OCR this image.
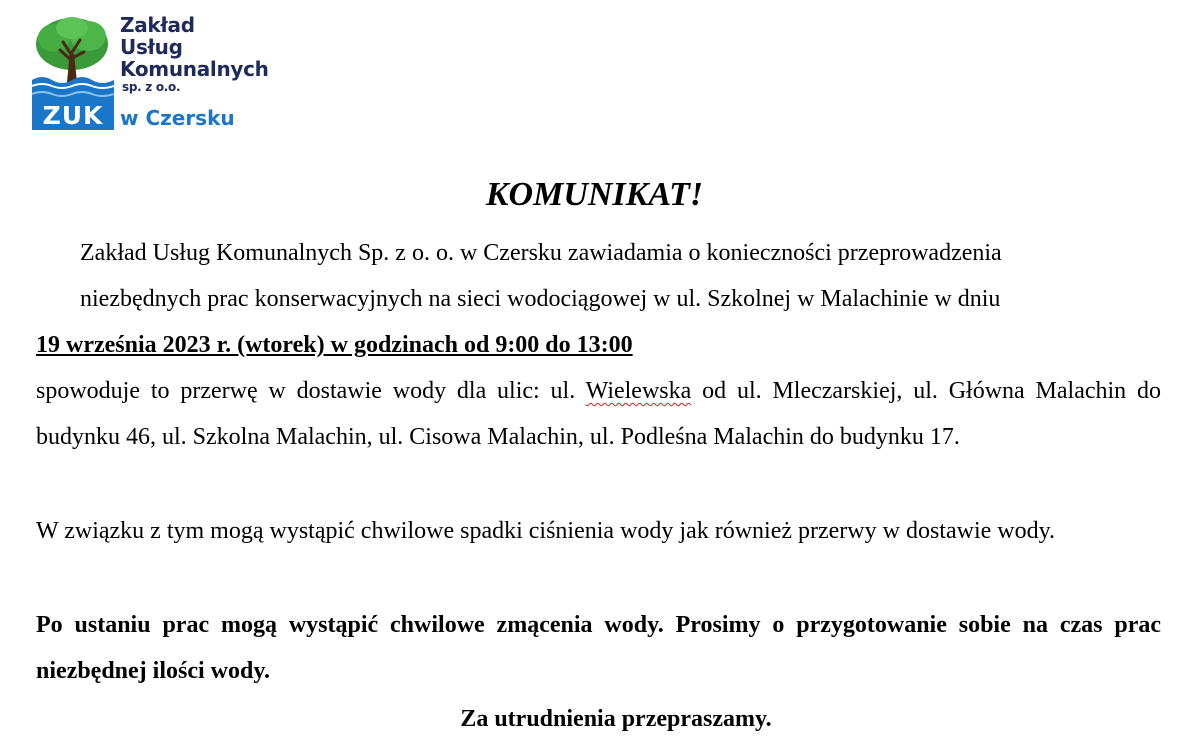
ZUK
Zakład
Usług
Komunalnych
sp. z o.o.
w Czersku
KOMUNIKAT!
Zakład Usług Komunalnych Sp. z o. o. w Czersku zawiadamia o konieczności przeprowadzenia
niezbędnych prac konserwacyjnych na sieci wodociągowej w ul. Szkolnej w Malachinie w dniu

19 września 2023 r. (wtorek) w godzinach od 9:00 do 13:00

spowoduje to przerwę w dostawie wody dla ulic: ul. Wielewska od ul. Mleczarskiej, ul. Główna Malachin do budynku 46, ul. Szkolna Malachin, ul. Cisowa Malachin, ul. Podleśna Malachin do budynku 17.

W związku z tym mogą wystąpić chwilowe spadki ciśnienia wody jak również przerwy w dostawie wody.

Po ustaniu prac mogą wystąpić chwilowe zmącenia wody. Prosimy o przygotowanie sobie na czas prac niezbędnej ilości wody.

Za utrudnienia przepraszamy.
